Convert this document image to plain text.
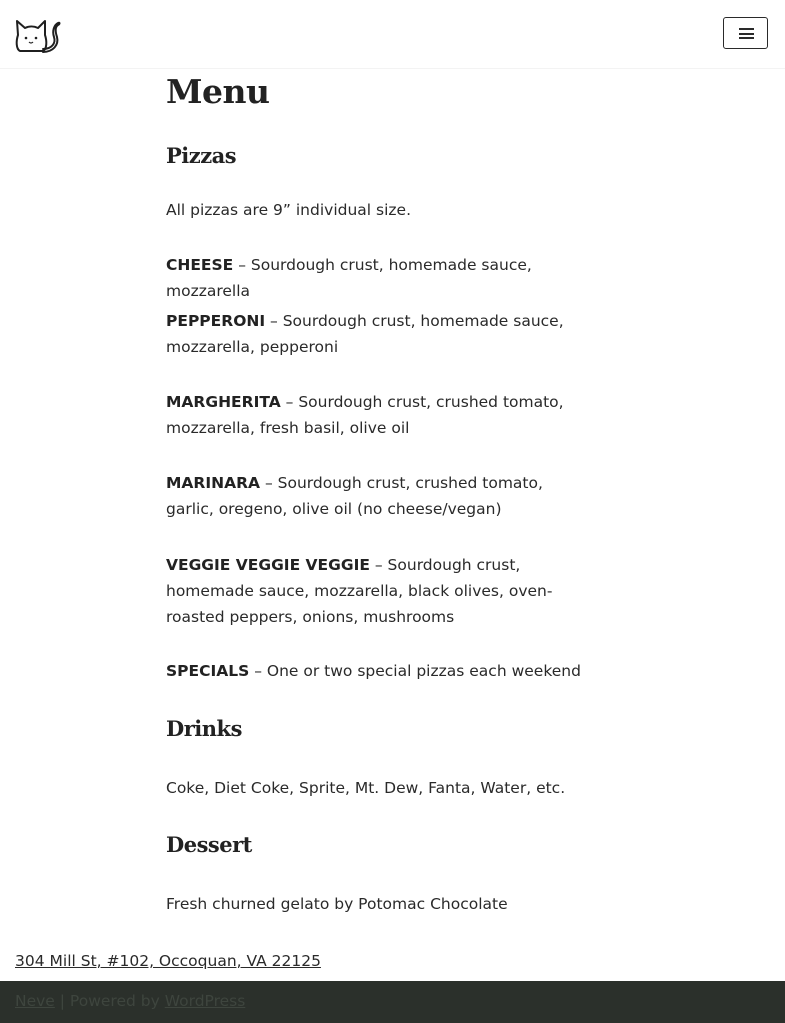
Menu
Pizzas

All pizzas are 9” individual size.

CHEESE – Sourdough crust, homemade sauce, mozzarella

PEPPERONI – Sourdough crust, homemade sauce, mozzarella, pepperoni

MARGHERITA – Sourdough crust, crushed tomato, mozzarella, fresh basil, olive oil

MARINARA – Sourdough crust, crushed tomato, garlic, oregeno, olive oil (no cheese/vegan)

VEGGIE VEGGIE VEGGIE – Sourdough crust, homemade sauce, mozzarella, black olives, oven-roasted peppers, onions, mushrooms

SPECIALS – One or two special pizzas each weekend

Drinks

Coke, Diet Coke, Sprite, Mt. Dew, Fanta, Water, etc.

Dessert

Fresh churned gelato by Potomac Chocolate

304 Mill St, #102, Occoquan, VA 22125
Neve | Powered by WordPress
